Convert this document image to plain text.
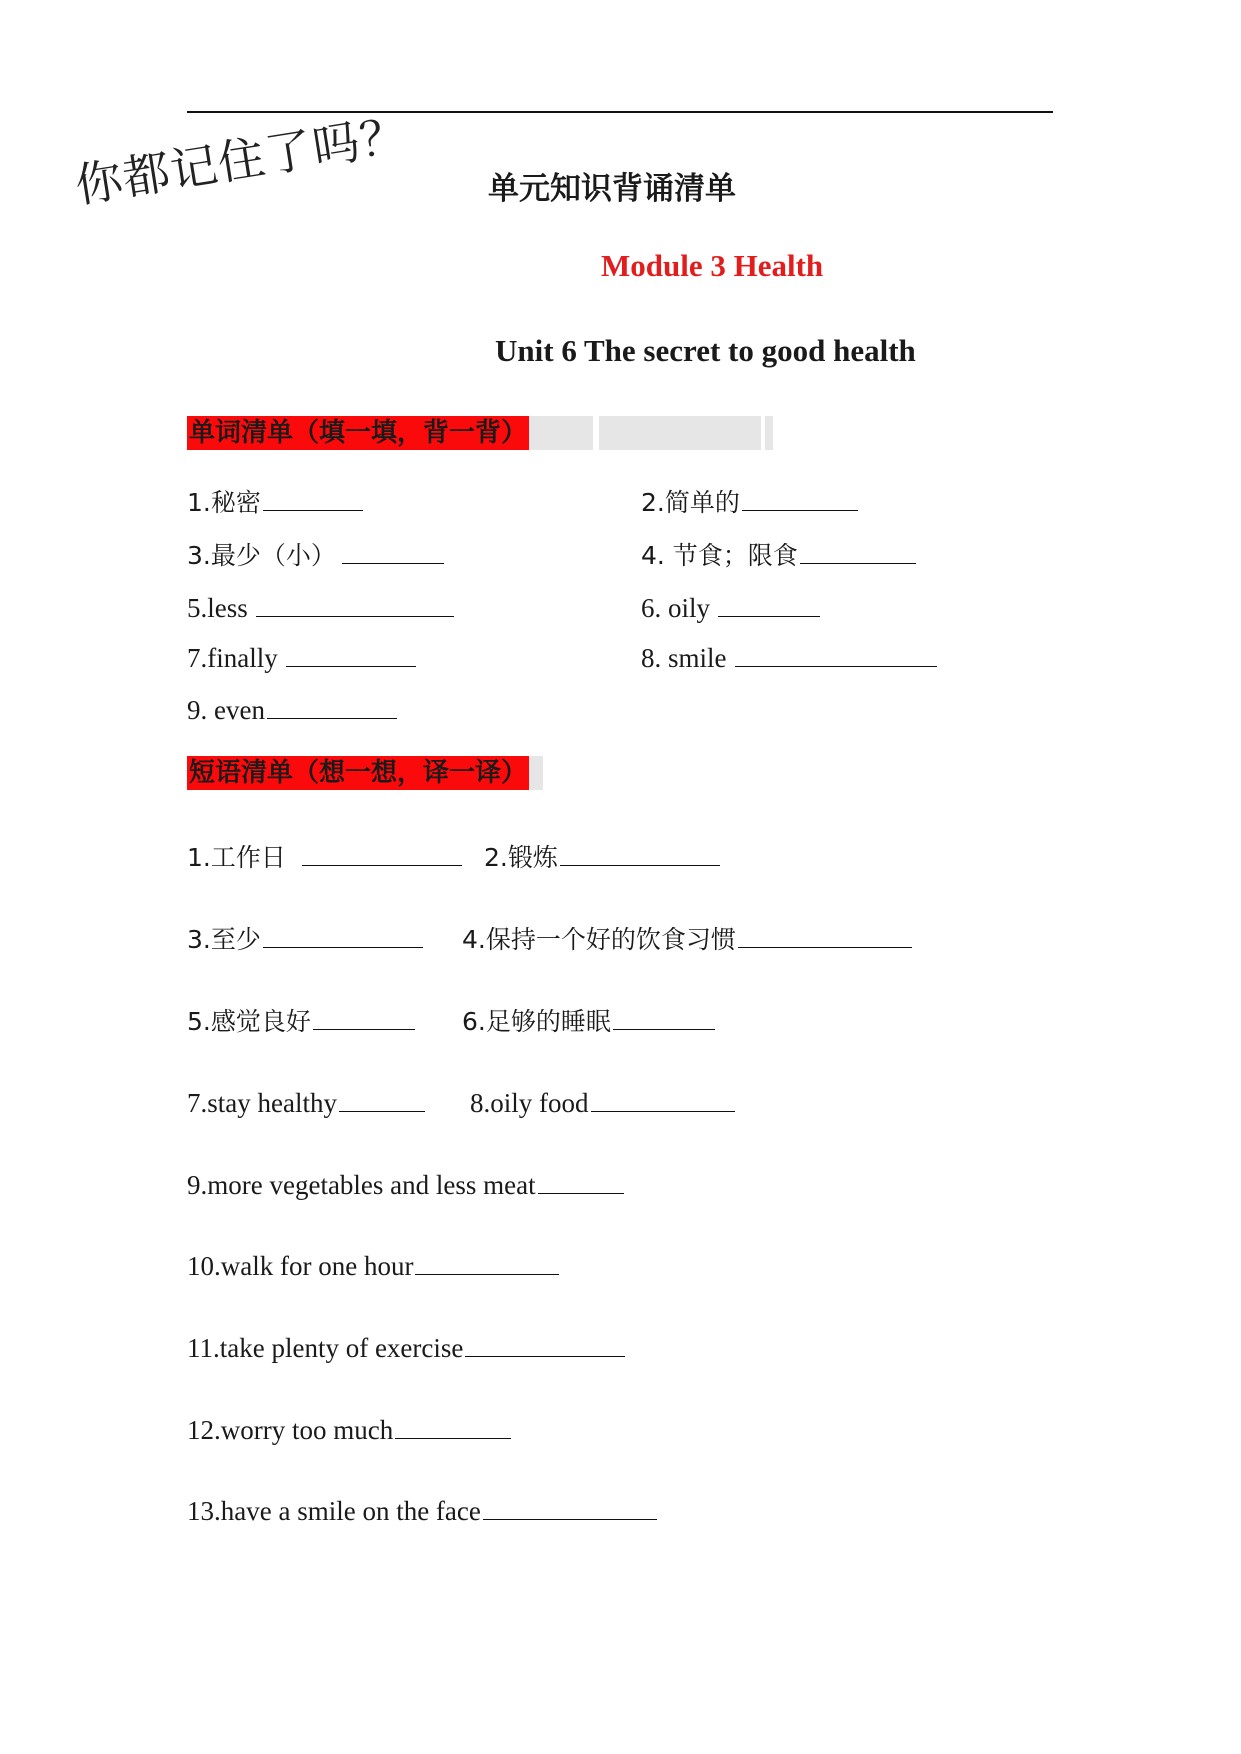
你都记住了吗？ 单元知识背诵清单
Module 3 Health
Unit 6 The secret to good health
单词清单（填一填，背一背）
1.秘密	2.简单的
3.最少（小）	4. 节食；限食
5.less	6. oily
7.finally	8. smile
9. even
短语清单（想一想，译一译）
1.工作日	2.锻炼
3.至少	4.保持一个好的饮食习惯
5.感觉良好	6.足够的睡眠
7.stay healthy	8.oily food
9.more vegetables and less meat
10.walk for one hour
11.take plenty of exercise
12.worry too much
13.have a smile on the face
